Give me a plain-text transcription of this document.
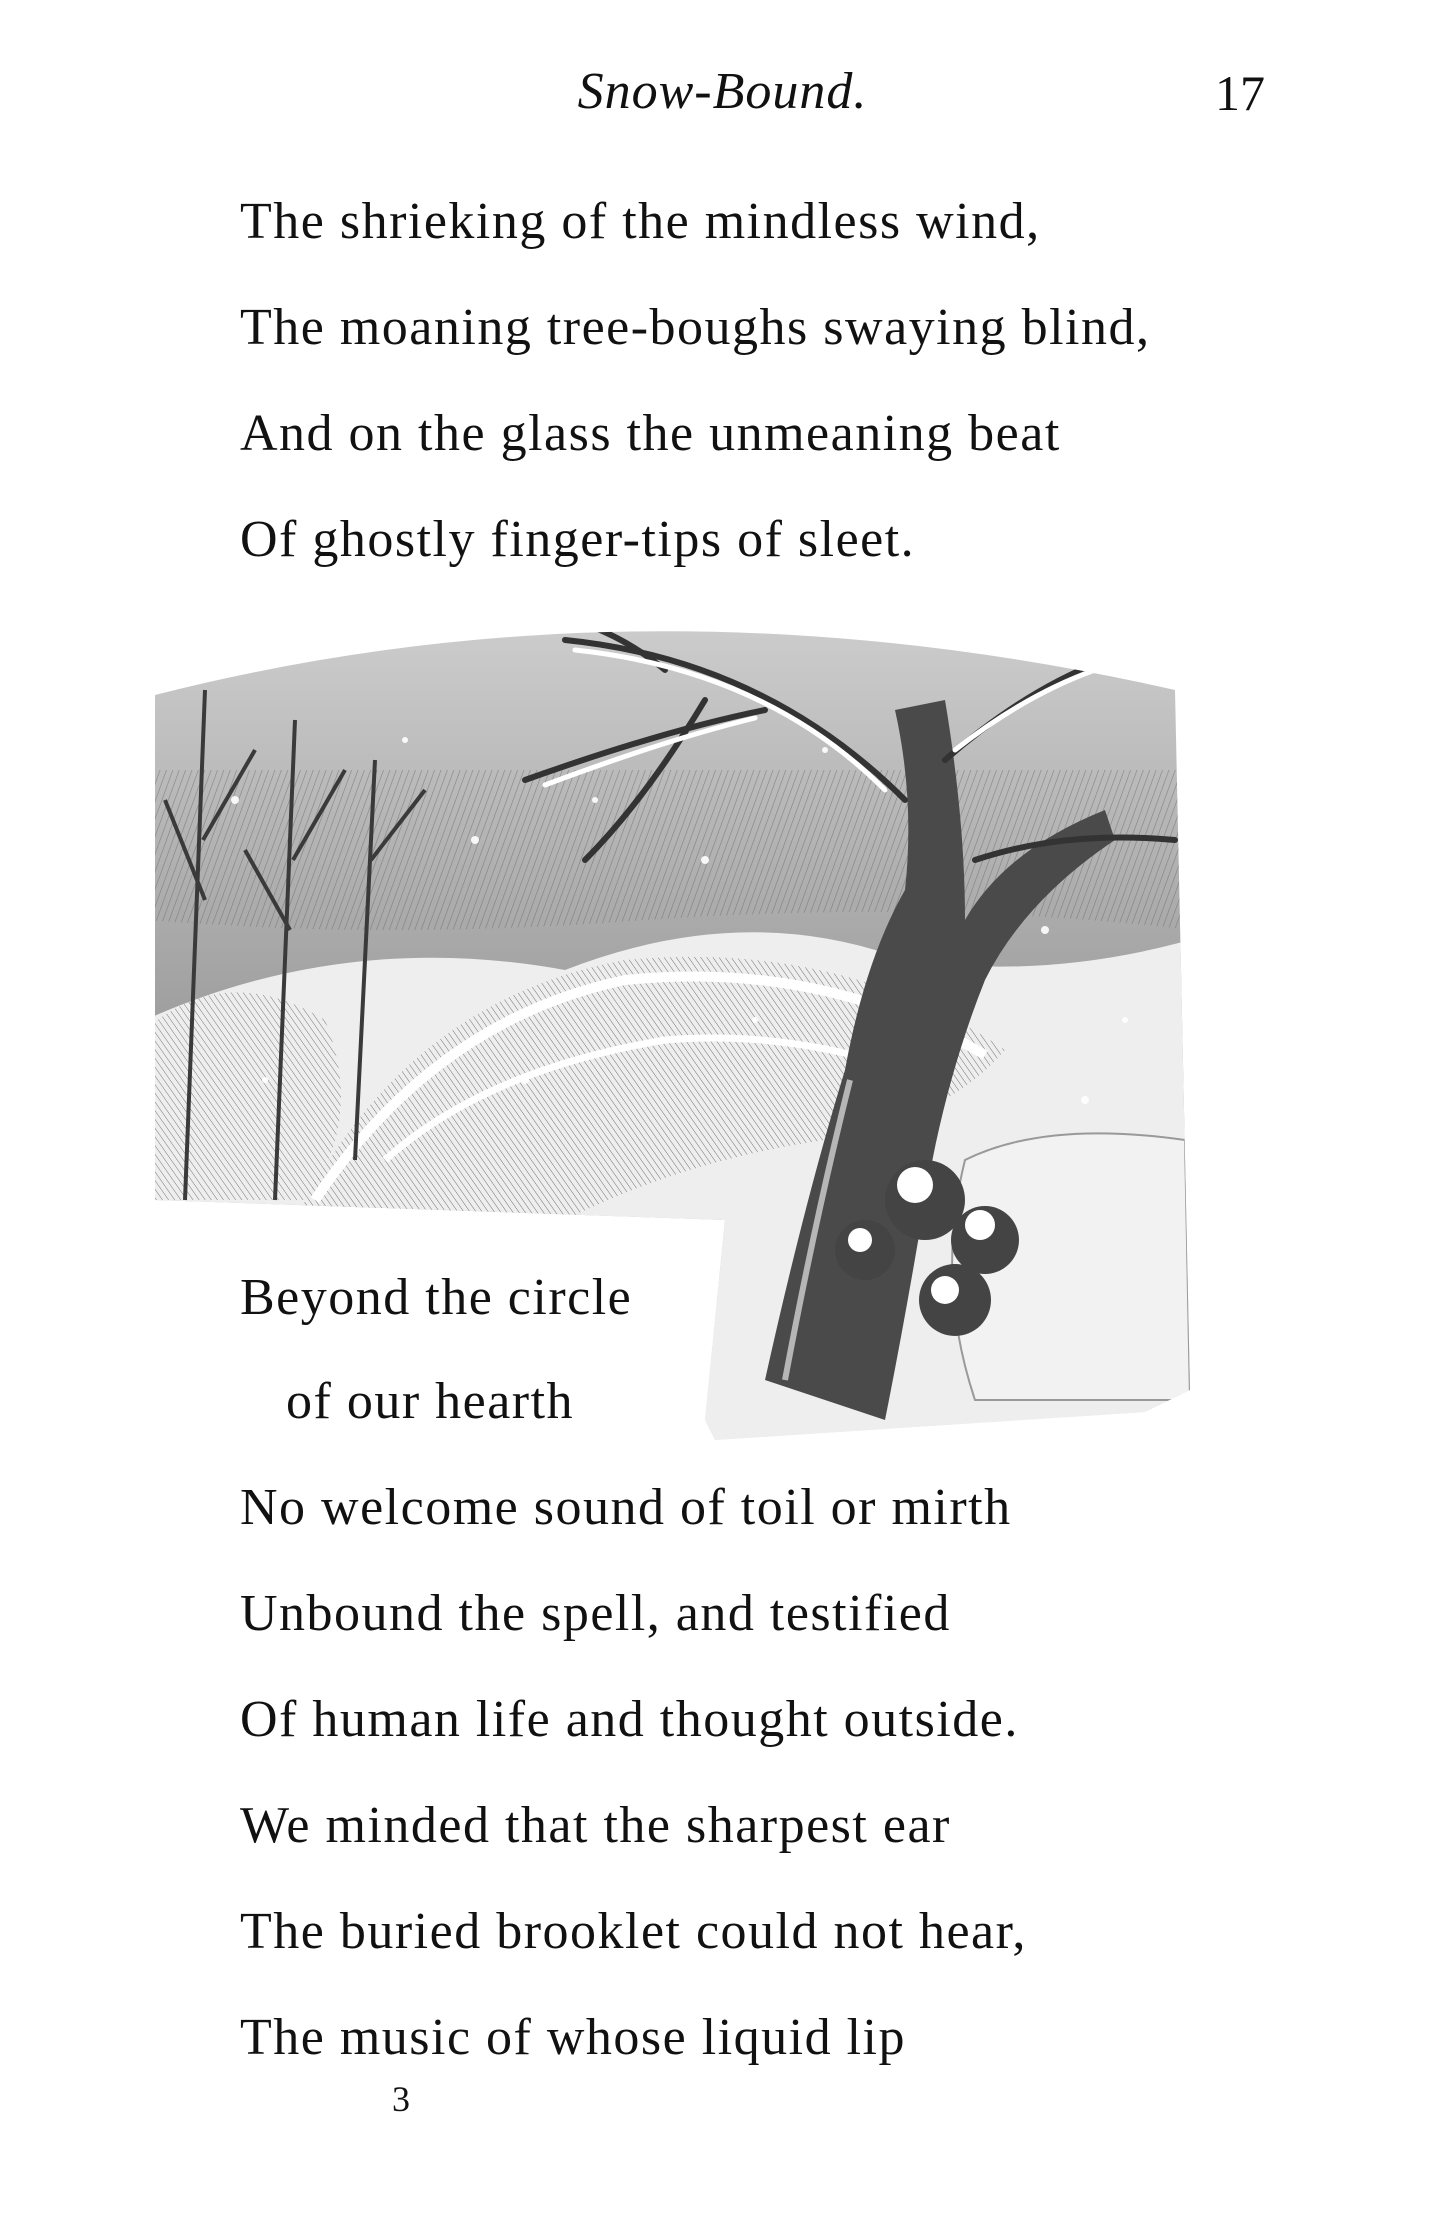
Snow-Bound.	17
The shrieking of the mindless wind,
The moaning tree-boughs swaying blind,
And on the glass the unmeaning beat
Of ghostly finger-tips of sleet.
Beyond the circle
of our hearth
No welcome sound of toil or mirth
Unbound the spell, and testified
Of human life and thought outside.
We minded that the sharpest ear
The buried brooklet could not hear,
The music of whose liquid lip
3
